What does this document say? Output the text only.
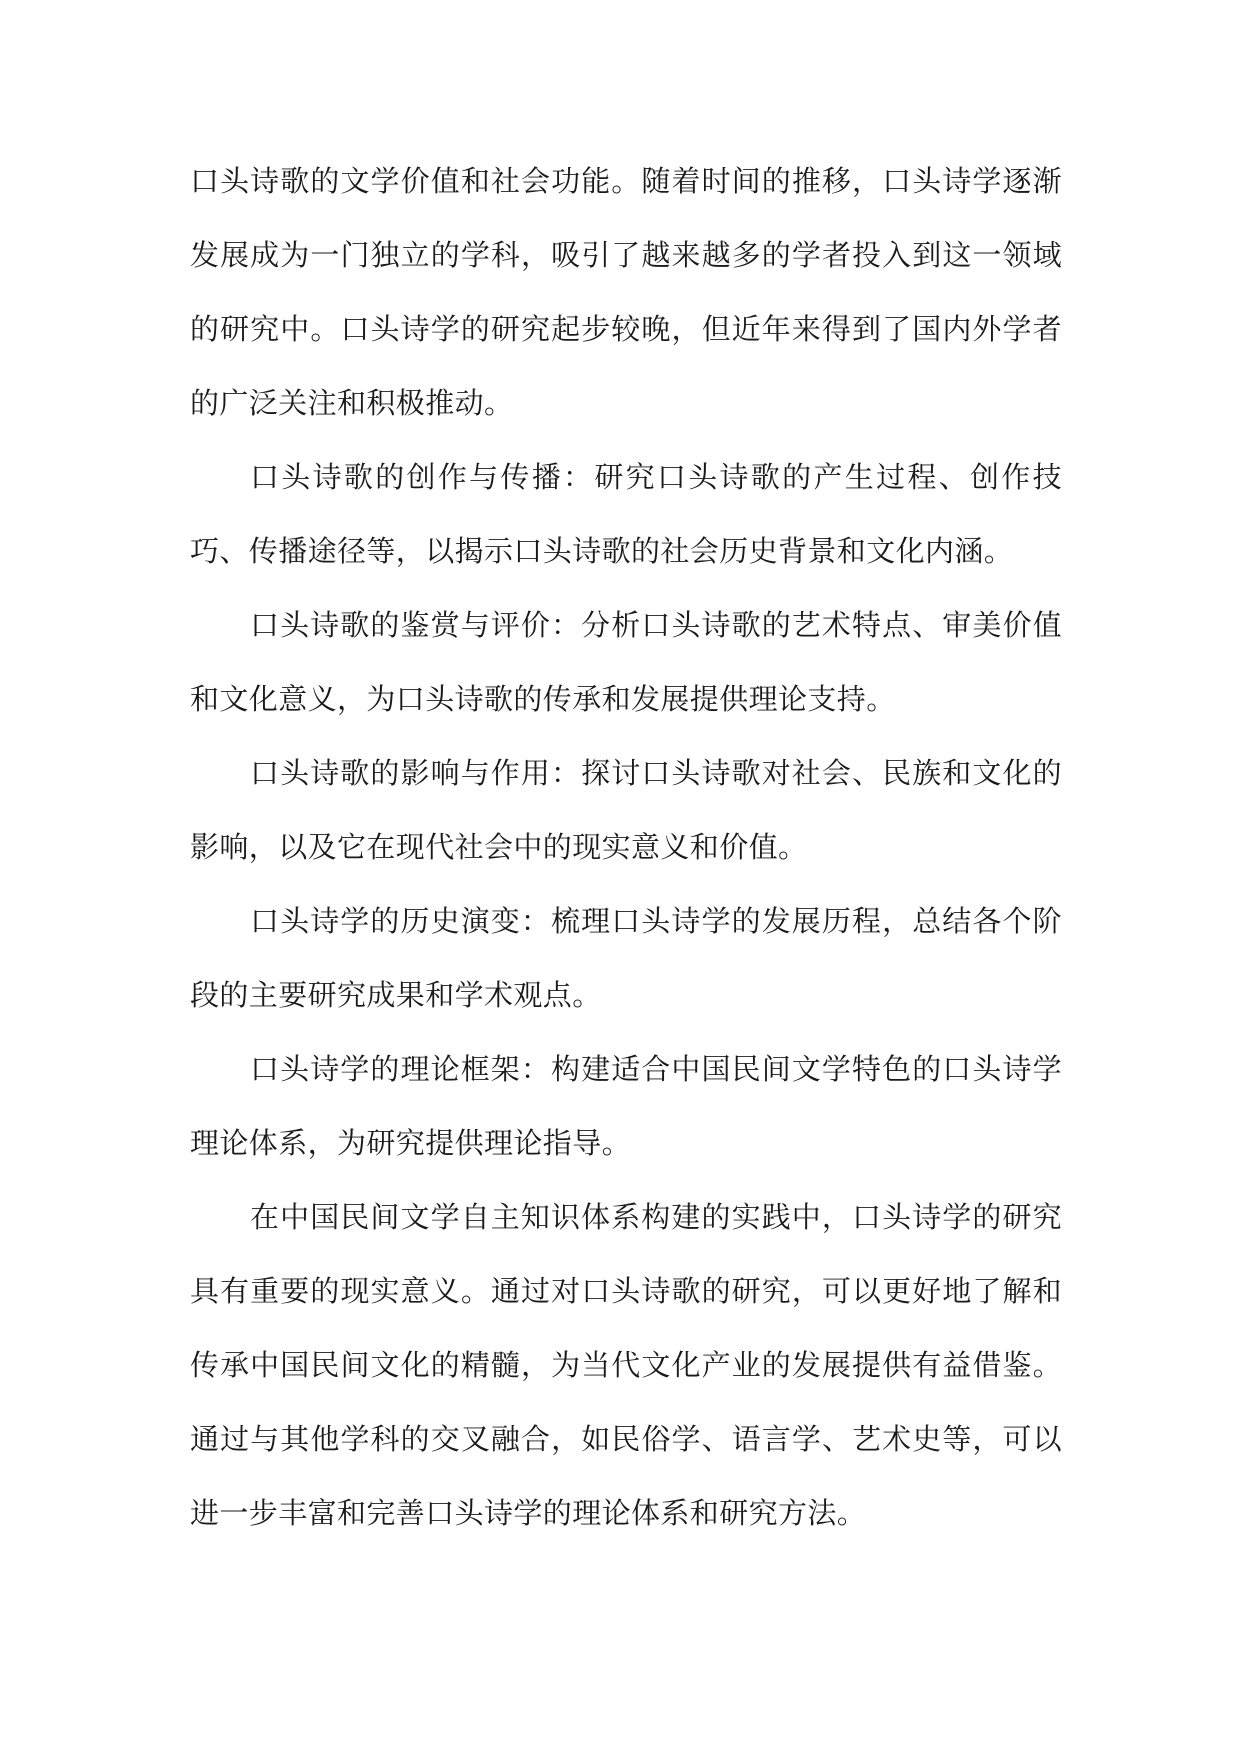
口头诗歌的文学价值和社会功能。随着时间的推移，口头诗学逐渐发展成为一门独立的学科，吸引了越来越多的学者投入到这一领域的研究中。口头诗学的研究起步较晚，但近年来得到了国内外学者的广泛关注和积极推动。

口头诗歌的创作与传播：研究口头诗歌的产生过程、创作技巧、传播途径等，以揭示口头诗歌的社会历史背景和文化内涵。

口头诗歌的鉴赏与评价：分析口头诗歌的艺术特点、审美价值和文化意义，为口头诗歌的传承和发展提供理论支持。

口头诗歌的影响与作用：探讨口头诗歌对社会、民族和文化的影响，以及它在现代社会中的现实意义和价值。

口头诗学的历史演变：梳理口头诗学的发展历程，总结各个阶段的主要研究成果和学术观点。

口头诗学的理论框架：构建适合中国民间文学特色的口头诗学理论体系，为研究提供理论指导。

在中国民间文学自主知识体系构建的实践中，口头诗学的研究具有重要的现实意义。通过对口头诗歌的研究，可以更好地了解和传承中国民间文化的精髓，为当代文化产业的发展提供有益借鉴。通过与其他学科的交叉融合，如民俗学、语言学、艺术史等，可以进一步丰富和完善口头诗学的理论体系和研究方法。
